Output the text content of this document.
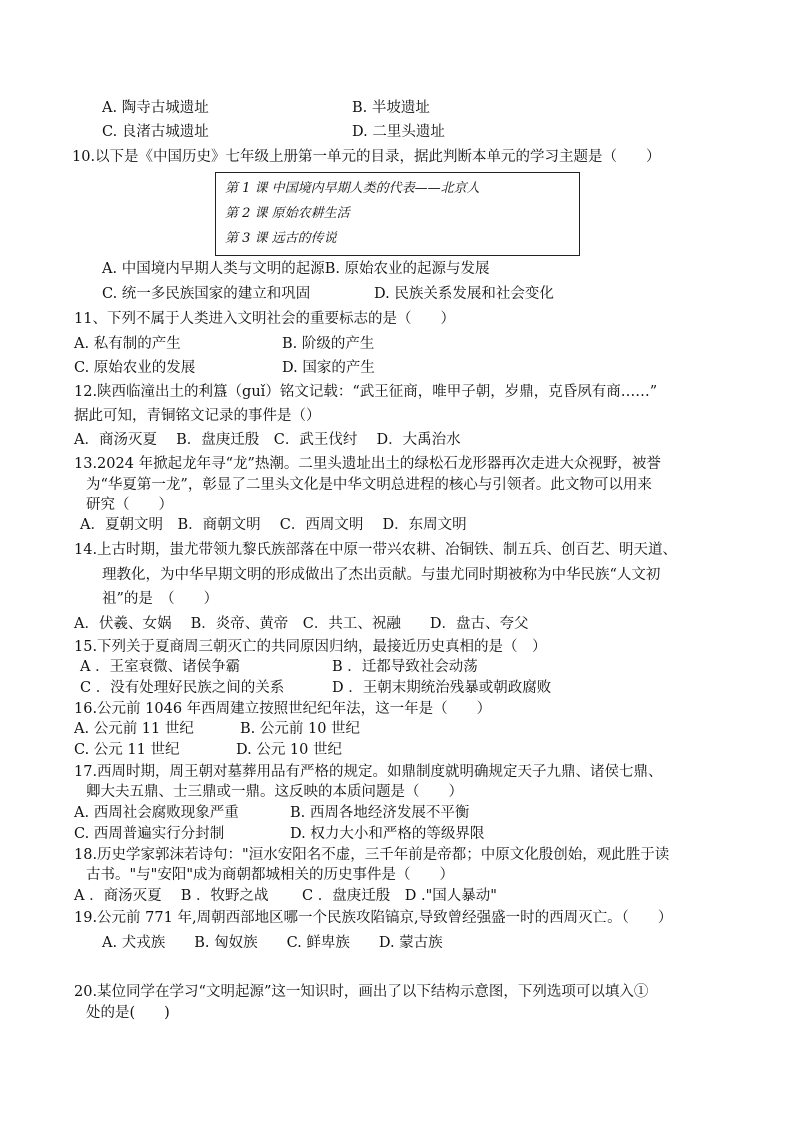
A. 陶寺古城遗址	B. 半坡遗址
C. 良渚古城遗址	D. 二里头遗址
10.以下是《中国历史》七年级上册第一单元的目录，据此判断本单元的学习主题是（　　）
第 1 课 中国境内早期人类的代表——北京人
第 2 课 原始农耕生活
第 3 课 远古的传说
A. 中国境内早期人类与文明的起源B. 原始农业的起源与发展
C. 统一多民族国家的建立和巩固	D. 民族关系发展和社会变化
11、下列不属于人类进入文明社会的重要标志的是（　　）
A. 私有制的产生	B. 阶级的产生
C. 原始农业的发展	D. 国家的产生
12.陕西临潼出土的利簋（guǐ）铭文记载：“武王征商，唯甲子朝，岁鼎，克昏夙有商……”
据此可知，青铜铭文记录的事件是（）
A．商汤灭夏　 B．盘庚迁殷　C．武王伐纣　 D．大禹治水
13.2024 年掀起龙年寻“龙”热潮。二里头遗址出土的绿松石龙形器再次走进大众视野，被誉
为“华夏第一龙”，彰显了二里头文化是中华文明总进程的核心与引领者。此文物可以用来
研究（　　）
A．夏朝文明　B．商朝文明　 C．西周文明　 D．东周文明
14.上古时期，蚩尤带领九黎氏族部落在中原一带兴农耕、冶铜铁、制五兵、创百艺、明天道、
理教化，为中华早期文明的形成做出了杰出贡献。与蚩尤同时期被称为中华民族“人文初
祖”的是　（　　）
A．伏羲、女娲　 B．炎帝、黄帝　C．共工、祝融　　D．盘古、夸父
15.下列关于夏商周三朝灭亡的共同原因归纳，最接近历史真相的是（　）
A ．王室衰微、诸侯争霸	B ．迁都导致社会动荡
C ．没有处理好民族之间的关系	D ．王朝末期统治残暴或朝政腐败
16.公元前 1046 年西周建立按照世纪纪年法，这一年是（　　）
A. 公元前 11 世纪	B. 公元前 10 世纪
C. 公元 11 世纪	D. 公元 10 世纪
17.西周时期，周王朝对墓葬用品有严格的规定。如鼎制度就明确规定天子九鼎、诸侯七鼎、
卿大夫五鼎、士三鼎或一鼎。这反映的本质问题是（　　）
A. 西周社会腐败现象严重	B. 西周各地经济发展不平衡
C. 西周普遍实行分封制	D. 权力大小和严格的等级界限
18.历史学家郭沫若诗句："洹水安阳名不虚，三千年前是帝都；中原文化殷创始，观此胜于读
古书。"与"安阳"成为商朝都城相关的历史事件是（　　）
A ．商汤灭夏　 B ．牧野之战　　 C ．盘庚迁殷　D ."国人暴动"
19.公元前 771 年,周朝西部地区哪一个民族攻陷镐京,导致曾经强盛一时的西周灭亡。（　　）
A. 犬戎族　　B. 匈奴族　　C. 鲜卑族　　D. 蒙古族
20.某位同学在学习“文明起源”这一知识时，画出了以下结构示意图，下列选项可以填入①
处的是(　　)
